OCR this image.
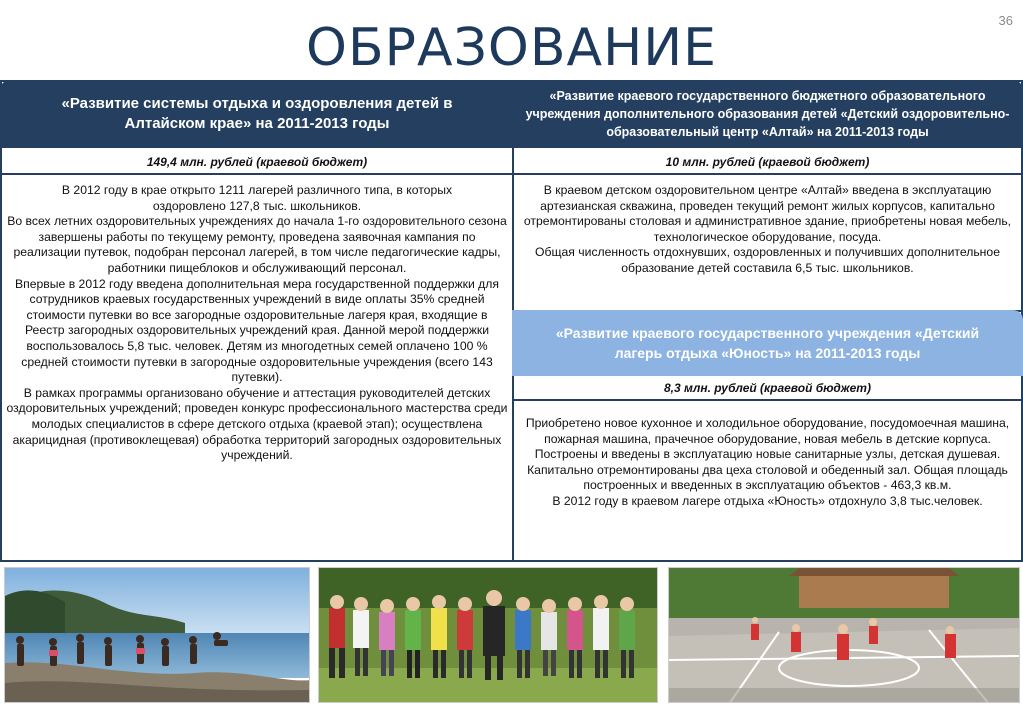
36
ОБРАЗОВАНИЕ
«Развитие системы отдыха и оздоровления детей в Алтайском крае» на 2011-2013 годы
149,4 млн. рублей (краевой бюджет)

В 2012 году в крае открыто 1211 лагерей различного типа, в которых оздоровлено 127,8 тыс. школьников.

Во всех летних оздоровительных учреждениях до начала 1-го оздоровительного сезона завершены работы по текущему ремонту, проведена заявочная кампания по реализации путевок, подобран персонал лагерей, в том числе педагогические кадры, работники пищеблоков и обслуживающий персонал.

Впервые в 2012 году введена дополнительная мера государственной поддержки для сотрудников краевых государственных учреждений в виде оплаты 35% средней стоимости путевки во все загородные оздоровительные лагеря края, входящие в Реестр загородных оздоровительных учреждений края. Данной мерой поддержки воспользовалось 5,8 тыс. человек. Детям из многодетных семей оплачено 100 % средней стоимости путевки в загородные оздоровительные учреждения (всего 143 путевки).

В рамках программы организовано обучение и аттестация руководителей детских оздоровительных учреждений; проведен конкурс профессионального мастерства среди молодых специалистов в сфере детского отдыха (краевой этап); осуществлена акарицидная (противоклещевая) обработка территорий загородных оздоровительных учреждений.

«Развитие краевого государственного бюджетного образовательного учреждения дополнительного образования детей «Детский оздоровительно-образовательный центр «Алтай» на 2011-2013 годы
10 млн. рублей (краевой бюджет)

В краевом детском оздоровительном центре «Алтай» введена в эксплуатацию артезианская скважина, проведен текущий ремонт жилых корпусов, капитально отремонтированы столовая и административное здание, приобретены новая мебель, технологическое оборудование, посуда.

Общая численность отдохнувших, оздоровленных и получивших дополнительное образование детей составила 6,5 тыс. школьников.

«Развитие краевого государственного учреждения «Детский лагерь отдыха «Юность» на 2011-2013 годы
8,3 млн. рублей (краевой бюджет)

Приобретено новое кухонное и холодильное оборудование, посудомоечная машина, пожарная машина, прачечное оборудование, новая мебель в детские корпуса. Построены и введены в эксплуатацию новые санитарные узлы, детская душевая. Капитально отремонтированы два цеха столовой и обеденный зал. Общая площадь построенных и введенных в эксплуатацию объектов - 463,3 кв.м.

В 2012 году в краевом лагере отдыха «Юность» отдохнуло 3,8 тыс.человек.
